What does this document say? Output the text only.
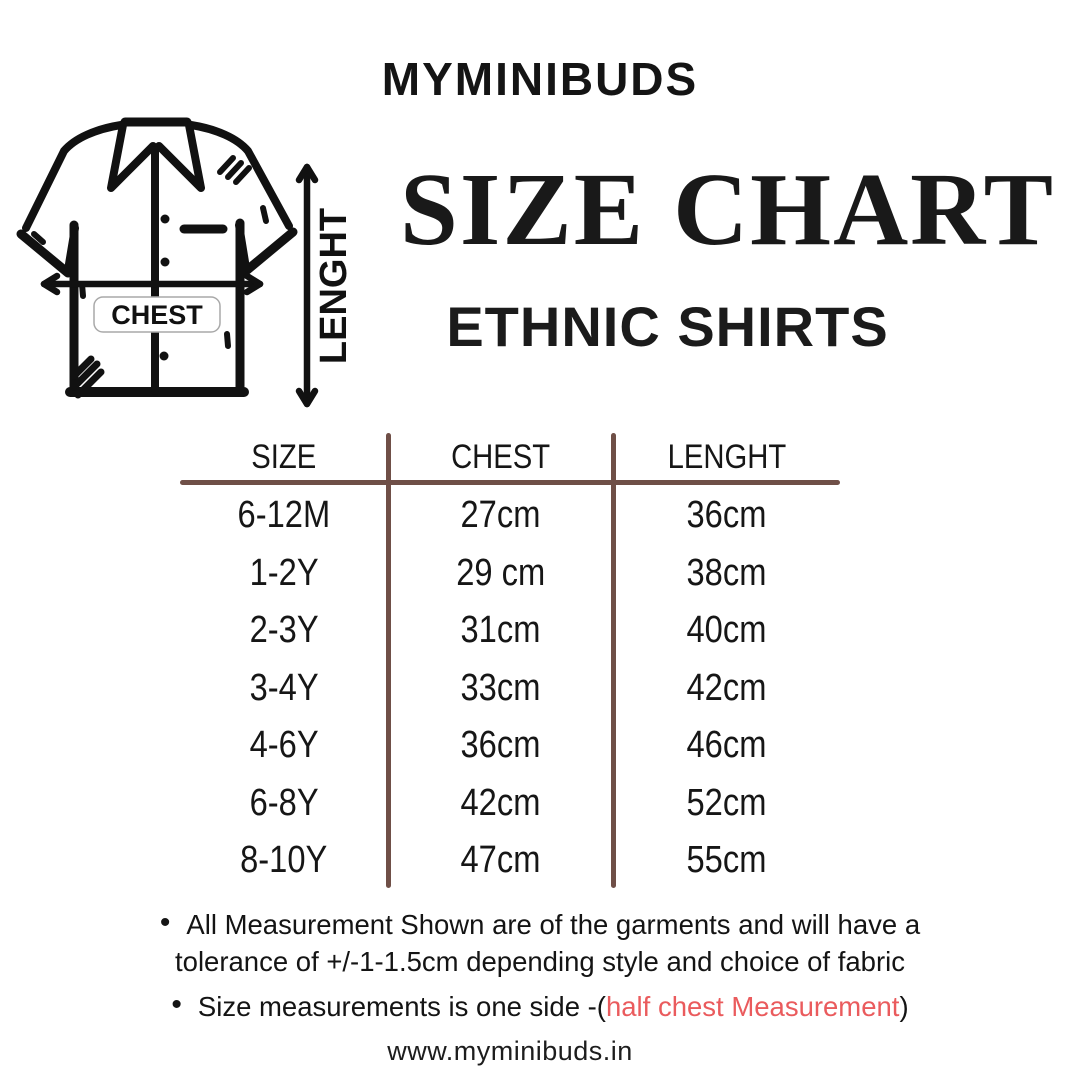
MYMINIBUDS
CHEST	LENGHT SIZE CHART
ETHNIC SHIRTS
SIZE	CHEST	LENGHT
6-12M	27cm	36cm
1-2Y	29 cm	38cm
2-3Y	31cm	40cm
3-4Y	33cm	42cm
4-6Y	36cm	46cm
6-8Y	42cm	52cm
8-10Y	47cm	55cm
• All Measurement Shown are of the garments and will have a
tolerance of +/-1-1.5cm depending style and choice of fabric
• Size measurements is one side -(half chest Measurement)
www.myminibuds.in
